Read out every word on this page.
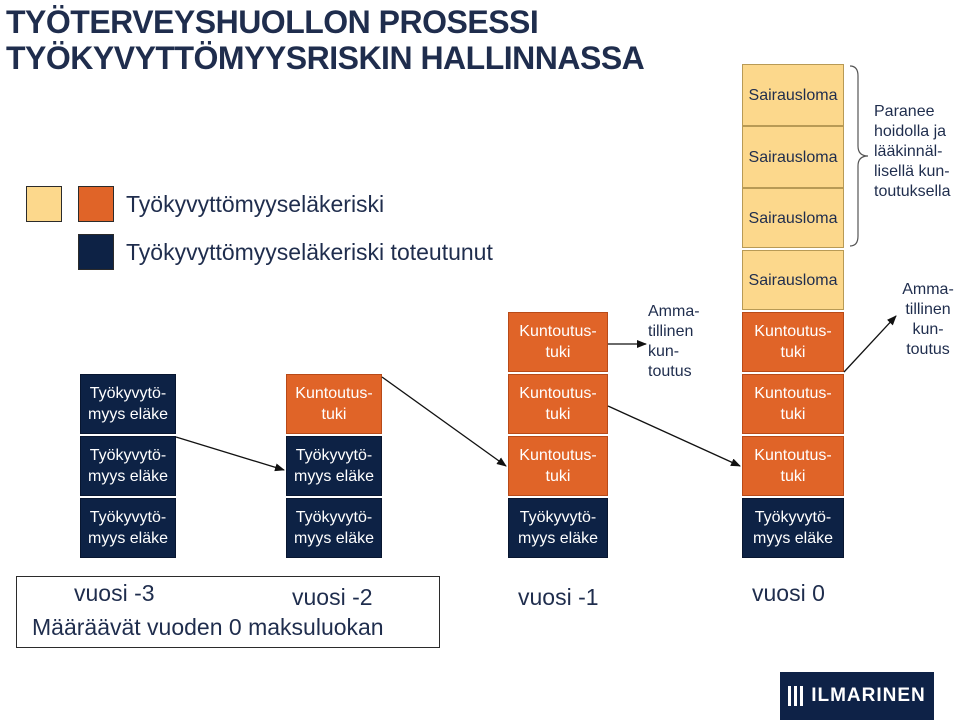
TYÖTERVEYSHUOLLON PROSESSI
TYÖKYVYTTÖMYYSRISKIN HALLINNASSA
Työkyvyttömyyseläkeriski
Työkyvyttömyyseläkeriski toteutunut
Työkyvytö-
myys eläke
Työkyvytö-
myys eläke
Työkyvytö-
myys eläke
Kuntoutus-
tuki
Työkyvytö-
myys eläke
Työkyvytö-
myys eläke
Kuntoutus-
tuki
Kuntoutus-
tuki
Kuntoutus-
tuki
Työkyvytö-
myys eläke
Sairausloma
Sairausloma
Sairausloma
Sairausloma
Kuntoutus-
tuki
Kuntoutus-
tuki
Kuntoutus-
tuki
Työkyvytö-
myys eläke
Amma-
tillinen
kun-
toutus
Paranee
hoidolla ja
lääkinnäl-
lisellä kun-
toutuksella
Amma-
tillinen
kun-
toutus
vuosi -3	vuosi -2	vuosi -1	vuosi 0
Määräävät vuoden 0 maksuluokan
ILMARINEN
